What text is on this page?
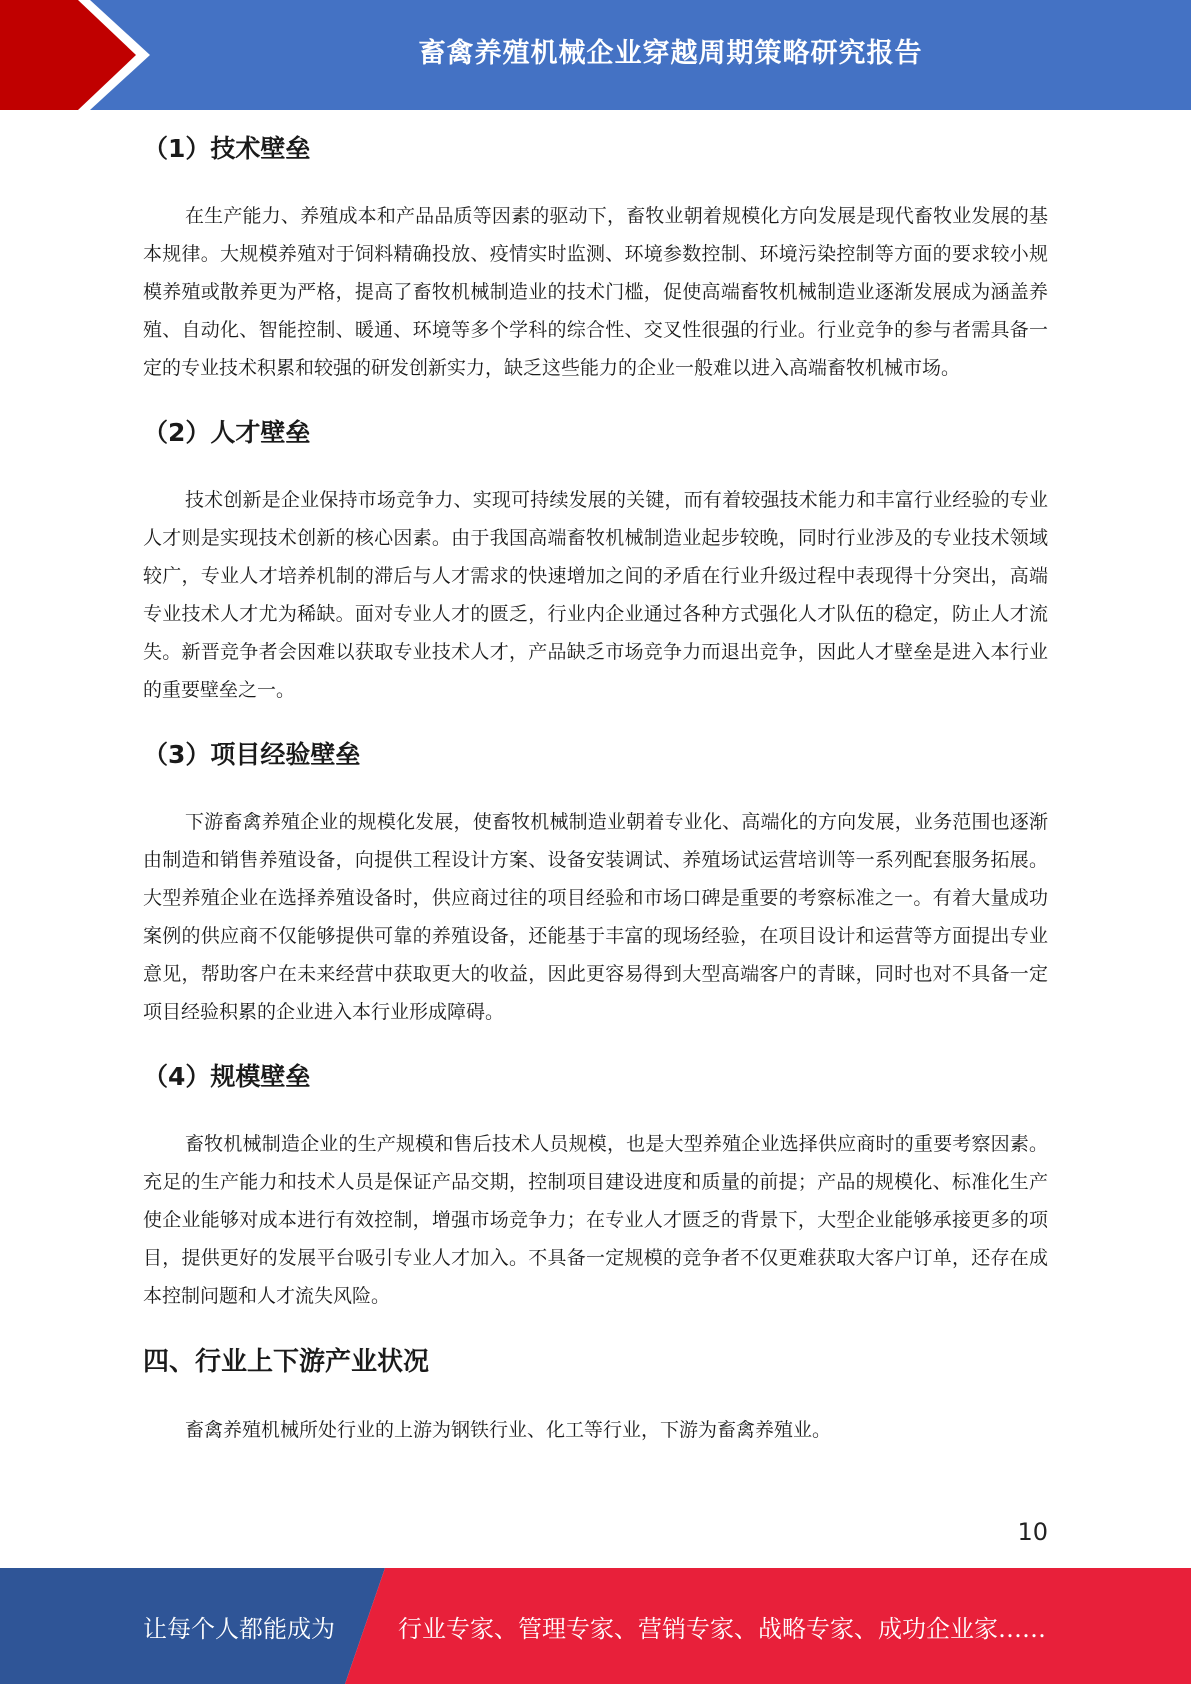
畜禽养殖机械企业穿越周期策略研究报告
（1）技术壁垒

在生产能力、养殖成本和产品品质等因素的驱动下，畜牧业朝着规模化方向发展是现代畜牧业发展的基本规律。大规模养殖对于饲料精确投放、疫情实时监测、环境参数控制、环境污染控制等方面的要求较小规模养殖或散养更为严格，提高了畜牧机械制造业的技术门槛，促使高端畜牧机械制造业逐渐发展成为涵盖养殖、自动化、智能控制、暖通、环境等多个学科的综合性、交叉性很强的行业。行业竞争的参与者需具备一定的专业技术积累和较强的研发创新实力，缺乏这些能力的企业一般难以进入高端畜牧机械市场。

（2）人才壁垒

技术创新是企业保持市场竞争力、实现可持续发展的关键，而有着较强技术能力和丰富行业经验的专业人才则是实现技术创新的核心因素。由于我国高端畜牧机械制造业起步较晚，同时行业涉及的专业技术领域较广，专业人才培养机制的滞后与人才需求的快速增加之间的矛盾在行业升级过程中表现得十分突出，高端专业技术人才尤为稀缺。面对专业人才的匮乏，行业内企业通过各种方式强化人才队伍的稳定，防止人才流失。新晋竞争者会因难以获取专业技术人才，产品缺乏市场竞争力而退出竞争，因此人才壁垒是进入本行业的重要壁垒之一。

（3）项目经验壁垒

下游畜禽养殖企业的规模化发展，使畜牧机械制造业朝着专业化、高端化的方向发展，业务范围也逐渐由制造和销售养殖设备，向提供工程设计方案、设备安装调试、养殖场试运营培训等一系列配套服务拓展。大型养殖企业在选择养殖设备时，供应商过往的项目经验和市场口碑是重要的考察标准之一。有着大量成功案例的供应商不仅能够提供可靠的养殖设备，还能基于丰富的现场经验，在项目设计和运营等方面提出专业意见，帮助客户在未来经营中获取更大的收益，因此更容易得到大型高端客户的青睐，同时也对不具备一定项目经验积累的企业进入本行业形成障碍。

（4）规模壁垒

畜牧机械制造企业的生产规模和售后技术人员规模，也是大型养殖企业选择供应商时的重要考察因素。充足的生产能力和技术人员是保证产品交期，控制项目建设进度和质量的前提；产品的规模化、标准化生产使企业能够对成本进行有效控制，增强市场竞争力；在专业人才匮乏的背景下，大型企业能够承接更多的项目，提供更好的发展平台吸引专业人才加入。不具备一定规模的竞争者不仅更难获取大客户订单，还存在成本控制问题和人才流失风险。

四、行业上下游产业状况

畜禽养殖机械所处行业的上游为钢铁行业、化工等行业，下游为畜禽养殖业。

10
让每个人都能成为	行业专家、管理专家、营销专家、战略专家、成功企业家……
